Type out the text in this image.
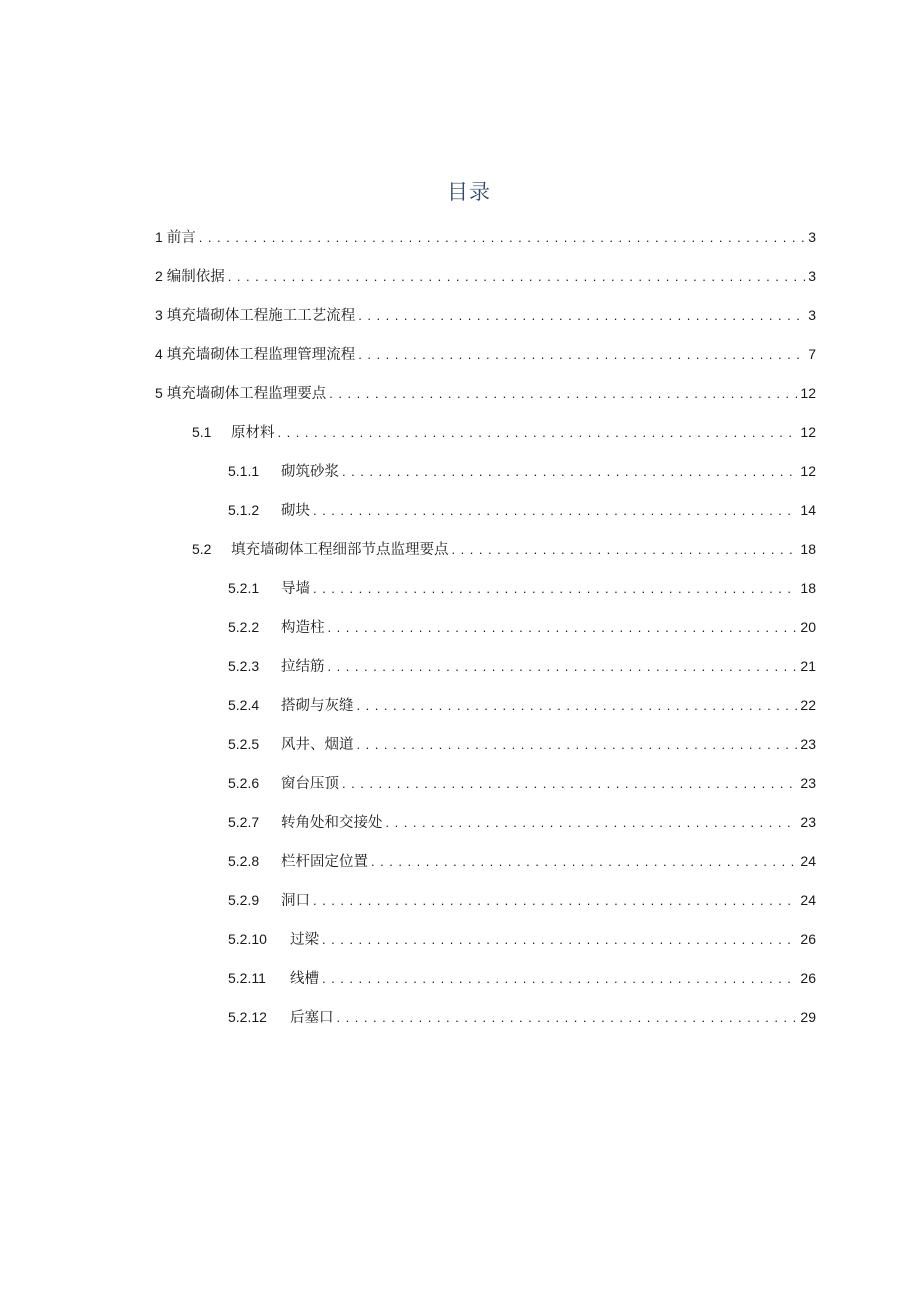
目录
1 前言 . . .	3
2 编制依据 . . .	3
3 填充墙砌体工程施工工艺流程 . . .	3
4 填充墙砌体工程监理管理流程 . . .	7
5 填充墙砌体工程监理要点 . . .	12
5.1	原材料 . . .	12
5.1.1	砌筑砂浆 . . .	12
5.1.2	砌块 . . .	14
5.2	填充墙砌体工程细部节点监理要点 . . .	18
5.2.1	导墙 . . .	18
5.2.2	构造柱 . . .	20
5.2.3	拉结筋 . . .	21
5.2.4	搭砌与灰缝 . . .	22
5.2.5	风井、烟道 . . .	23
5.2.6	窗台压顶 . . .	23
5.2.7	转角处和交接处 . . .	23
5.2.8	栏杆固定位置 . . .	24
5.2.9	洞口 . . .	24
5.2.10	过梁 . . .	26
5.2.11	线槽 . . .	26
5.2.12	后塞口 . . .	29
